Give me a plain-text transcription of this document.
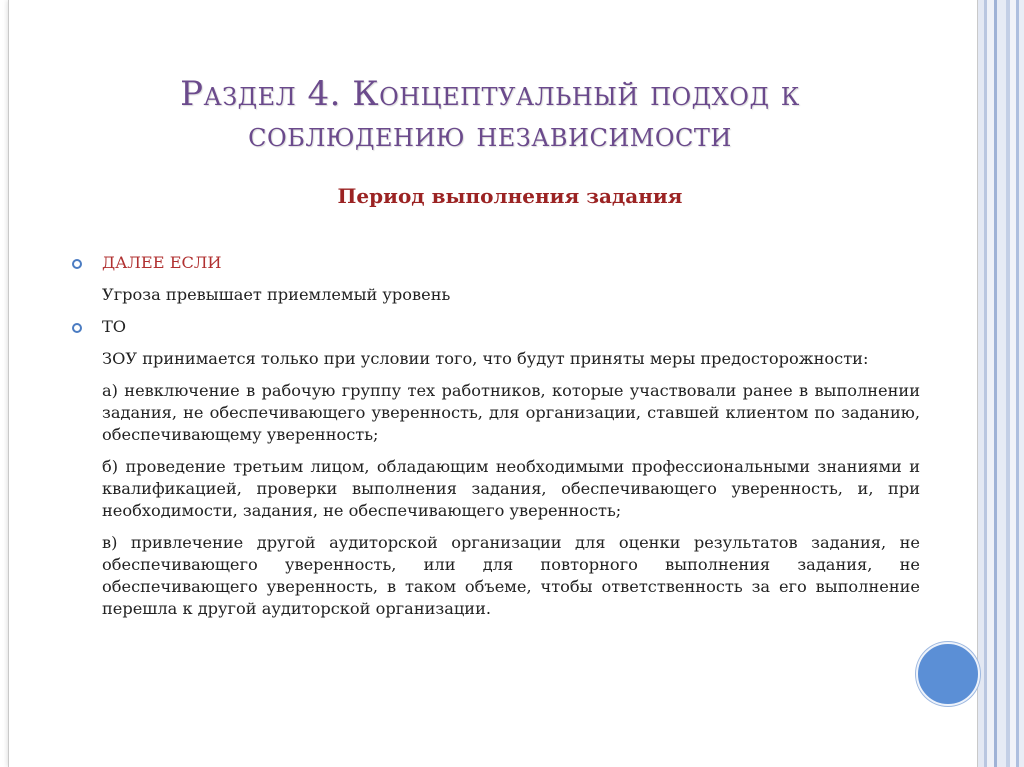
Раздел 4. Концептуальный подход к
соблюдению независимости
Период выполнения задания
ДАЛЕЕ ЕСЛИ
Угроза превышает приемлемый уровень
ТО
ЗОУ принимается только при условии того, что будут приняты меры предосторожности:
а) невключение в рабочую группу тех работников, которые участвовали ранее в выполнении задания, не обеспечивающего уверенность, для организации, ставшей клиентом по заданию, обеспечивающему уверенность;
б) проведение третьим лицом, обладающим необходимыми профессиональными знаниями и квалификацией, проверки выполнения задания, обеспечивающего уверенность, и, при необходимости, задания, не обеспечивающего уверенность;
в) привлечение другой аудиторской организации для оценки результатов задания, не обеспечивающего уверенность, или для повторного выполнения задания, не обеспечивающего уверенность, в таком объеме, чтобы ответственность за его выполнение перешла к другой аудиторской организации.
